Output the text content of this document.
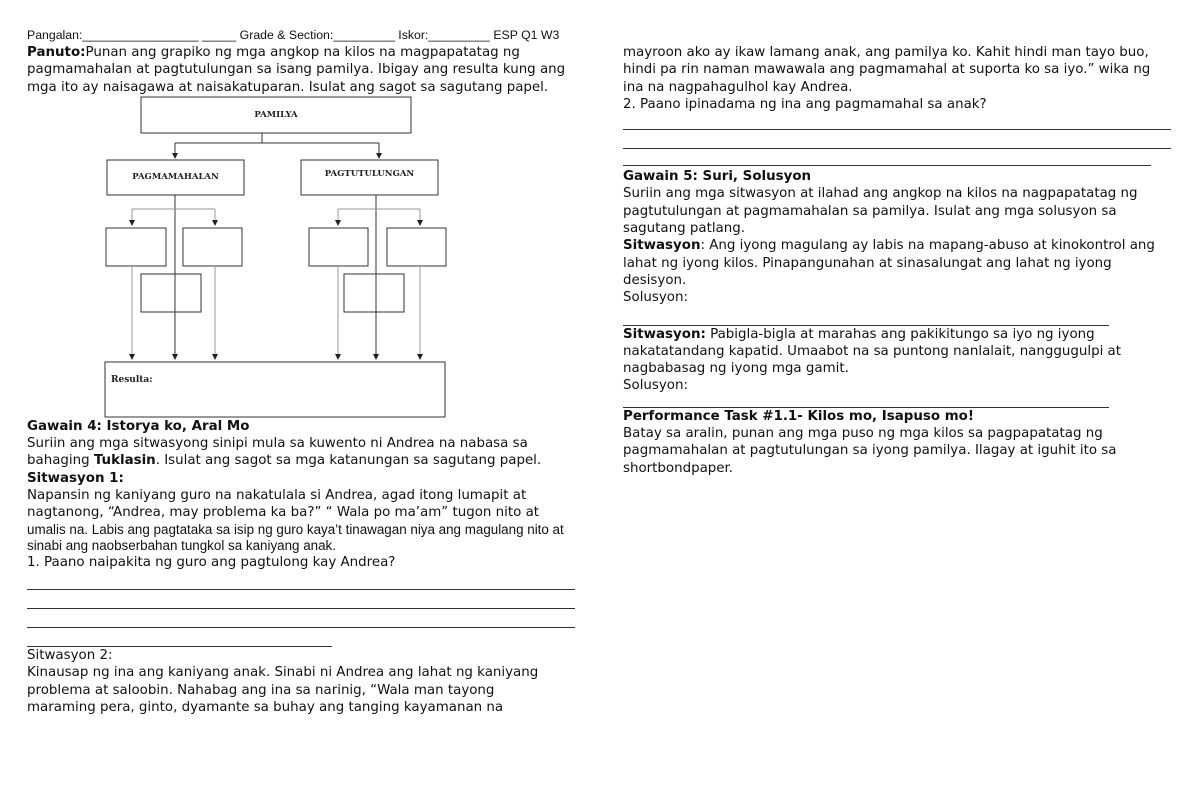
Pangalan:_________________ _____ Grade & Section:_________ Iskor:_________ ESP Q1 W3

Panuto:Punan ang grapiko ng mga angkop na kilos na magpapatatag ng pagmamahalan at pagtutulungan sa isang pamilya. Ibigay ang resulta kung ang mga ito ay naisagawa at naisakatuparan. Isulat ang sagot sa sagutang papel.

PAMILYA
PAGMAMAHALAN	PAGTUTULUNGAN
Resulta:

Gawain 4: Istorya ko, Aral Mo

Suriin ang mga sitwasyong sinipi mula sa kuwento ni Andrea na nabasa sa bahaging Tuklasin. Isulat ang sagot sa mga katanungan sa sagutang papel.

Sitwasyon 1:

Napansin ng kaniyang guro na nakatulala si Andrea, agad itong lumapit at nagtanong, “Andrea, may problema ka ba?” “ Wala po ma’am” tugon nito at

umalis na. Labis ang pagtataka sa isip ng guro kaya’t tinawagan niya ang magulang nito at sinabi ang naobserbahan tungkol sa kaniyang anak.

1. Paano naipakita ng guro ang pagtulong kay Andrea?

Sitwasyon 2:

Kinausap ng ina ang kaniyang anak. Sinabi ni Andrea ang lahat ng kaniyang problema at saloobin. Nahabag ang ina sa narinig, “Wala man tayong

maraming pera, ginto, dyamante sa buhay ang tanging kayamanan na

mayroon ako ay ikaw lamang anak, ang pamilya ko. Kahit hindi man tayo buo, hindi pa rin naman mawawala ang pagmamahal at suporta ko sa iyo.” wika ng ina na nagpahagulhol kay Andrea.

2. Paano ipinadama ng ina ang pagmamahal sa anak?

Gawain 5: Suri, Solusyon

Suriin ang mga sitwasyon at ilahad ang angkop na kilos na nagpapatatag ng pagtutulungan at pagmamahalan sa pamilya. Isulat ang mga solusyon sa sagutang patlang.

Sitwasyon: Ang iyong magulang ay labis na mapang-abuso at kinokontrol ang lahat ng iyong kilos. Pinapangunahan at sinasalungat ang lahat ng iyong desisyon.

Solusyon:

Sitwasyon: Pabigla-bigla at marahas ang pakikitungo sa iyo ng iyong nakatatandang kapatid. Umaabot na sa puntong nanlalait, nanggugulpi at nagbabasag ng iyong mga gamit.

Solusyon:

Performance Task #1.1- Kilos mo, Isapuso mo!

Batay sa aralin, punan ang mga puso ng mga kilos sa pagpapatatag ng pagmamahalan at pagtutulungan sa iyong pamilya. Ilagay at iguhit ito sa shortbondpaper.
